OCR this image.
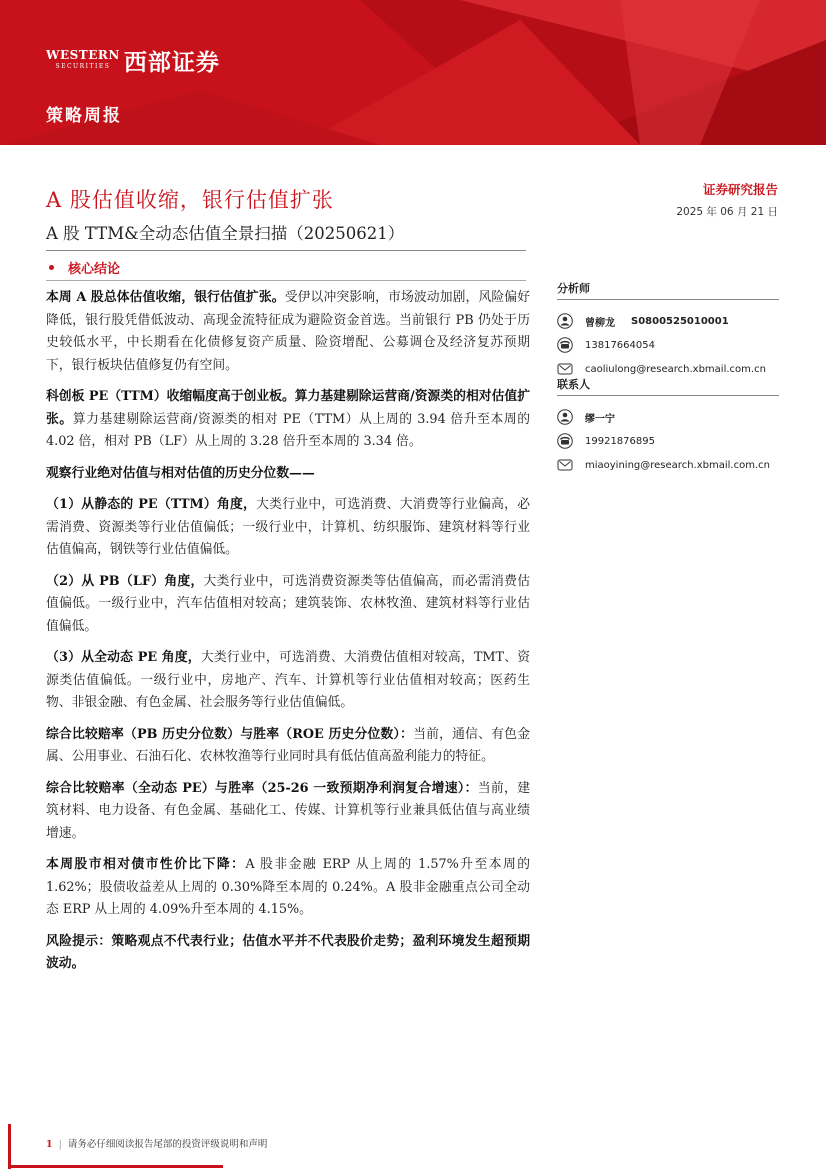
WESTERN
SECURITIES 西部证券
策略周报
A 股估值收缩，银行估值扩张
A 股 TTM&全动态估值全景扫描（20250621）
证券研究报告
2025 年 06 月 21 日
核心结论

本周 A 股总体估值收缩，银行估值扩张。受伊以冲突影响，市场波动加剧，风险偏好降低，银行股凭借低波动、高现金流特征成为避险资金首选。当前银行 PB 仍处于历史较低水平，中长期看在化债修复资产质量、险资增配、公募调仓及经济复苏预期下，银行板块估值修复仍有空间。

科创板 PE（TTM）收缩幅度高于创业板。算力基建剔除运营商/资源类的相对估值扩张。算力基建剔除运营商/资源类的相对 PE（TTM）从上周的 3.94 倍升至本周的 4.02 倍，相对 PB（LF）从上周的 3.28 倍升至本周的 3.34 倍。

观察行业绝对估值与相对估值的历史分位数——

（1）从静态的 PE（TTM）角度，大类行业中，可选消费、大消费等行业偏高，必需消费、资源类等行业估值偏低；一级行业中，计算机、纺织服饰、建筑材料等行业估值偏高，钢铁等行业估值偏低。

（2）从 PB（LF）角度，大类行业中，可选消费资源类等估值偏高，而必需消费估值偏低。一级行业中，汽车估值相对较高；建筑装饰、农林牧渔、建筑材料等行业估值偏低。

（3）从全动态 PE 角度，大类行业中，可选消费、大消费估值相对较高，TMT、资源类估值偏低。一级行业中，房地产、汽车、计算机等行业估值相对较高；医药生物、非银金融、有色金属、社会服务等行业估值偏低。

综合比较赔率（PB 历史分位数）与胜率（ROE 历史分位数）：当前，通信、有色金属、公用事业、石油石化、农林牧渔等行业同时具有低估值高盈利能力的特征。

综合比较赔率（全动态 PE）与胜率（25-26 一致预期净利润复合增速）：当前，建筑材料、电力设备、有色金属、基础化工、传媒、计算机等行业兼具低估值与高业绩增速。

本周股市相对债市性价比下降：A 股非金融 ERP 从上周的 1.57%升至本周的 1.62%；股债收益差从上周的 0.30%降至本周的 0.24%。A 股非金融重点公司全动态 ERP 从上周的 4.09%升至本周的 4.15%。

风险提示：策略观点不代表行业；估值水平并不代表股价走势；盈利环境发生超预期波动。

分析师
曾柳龙 S0800525010001
13817664054
caoliulong@research.xbmail.com.cn
联系人
缪一宁
19921876895
miaoyining@research.xbmail.com.cn
1 | 请务必仔细阅读报告尾部的投资评级说明和声明
